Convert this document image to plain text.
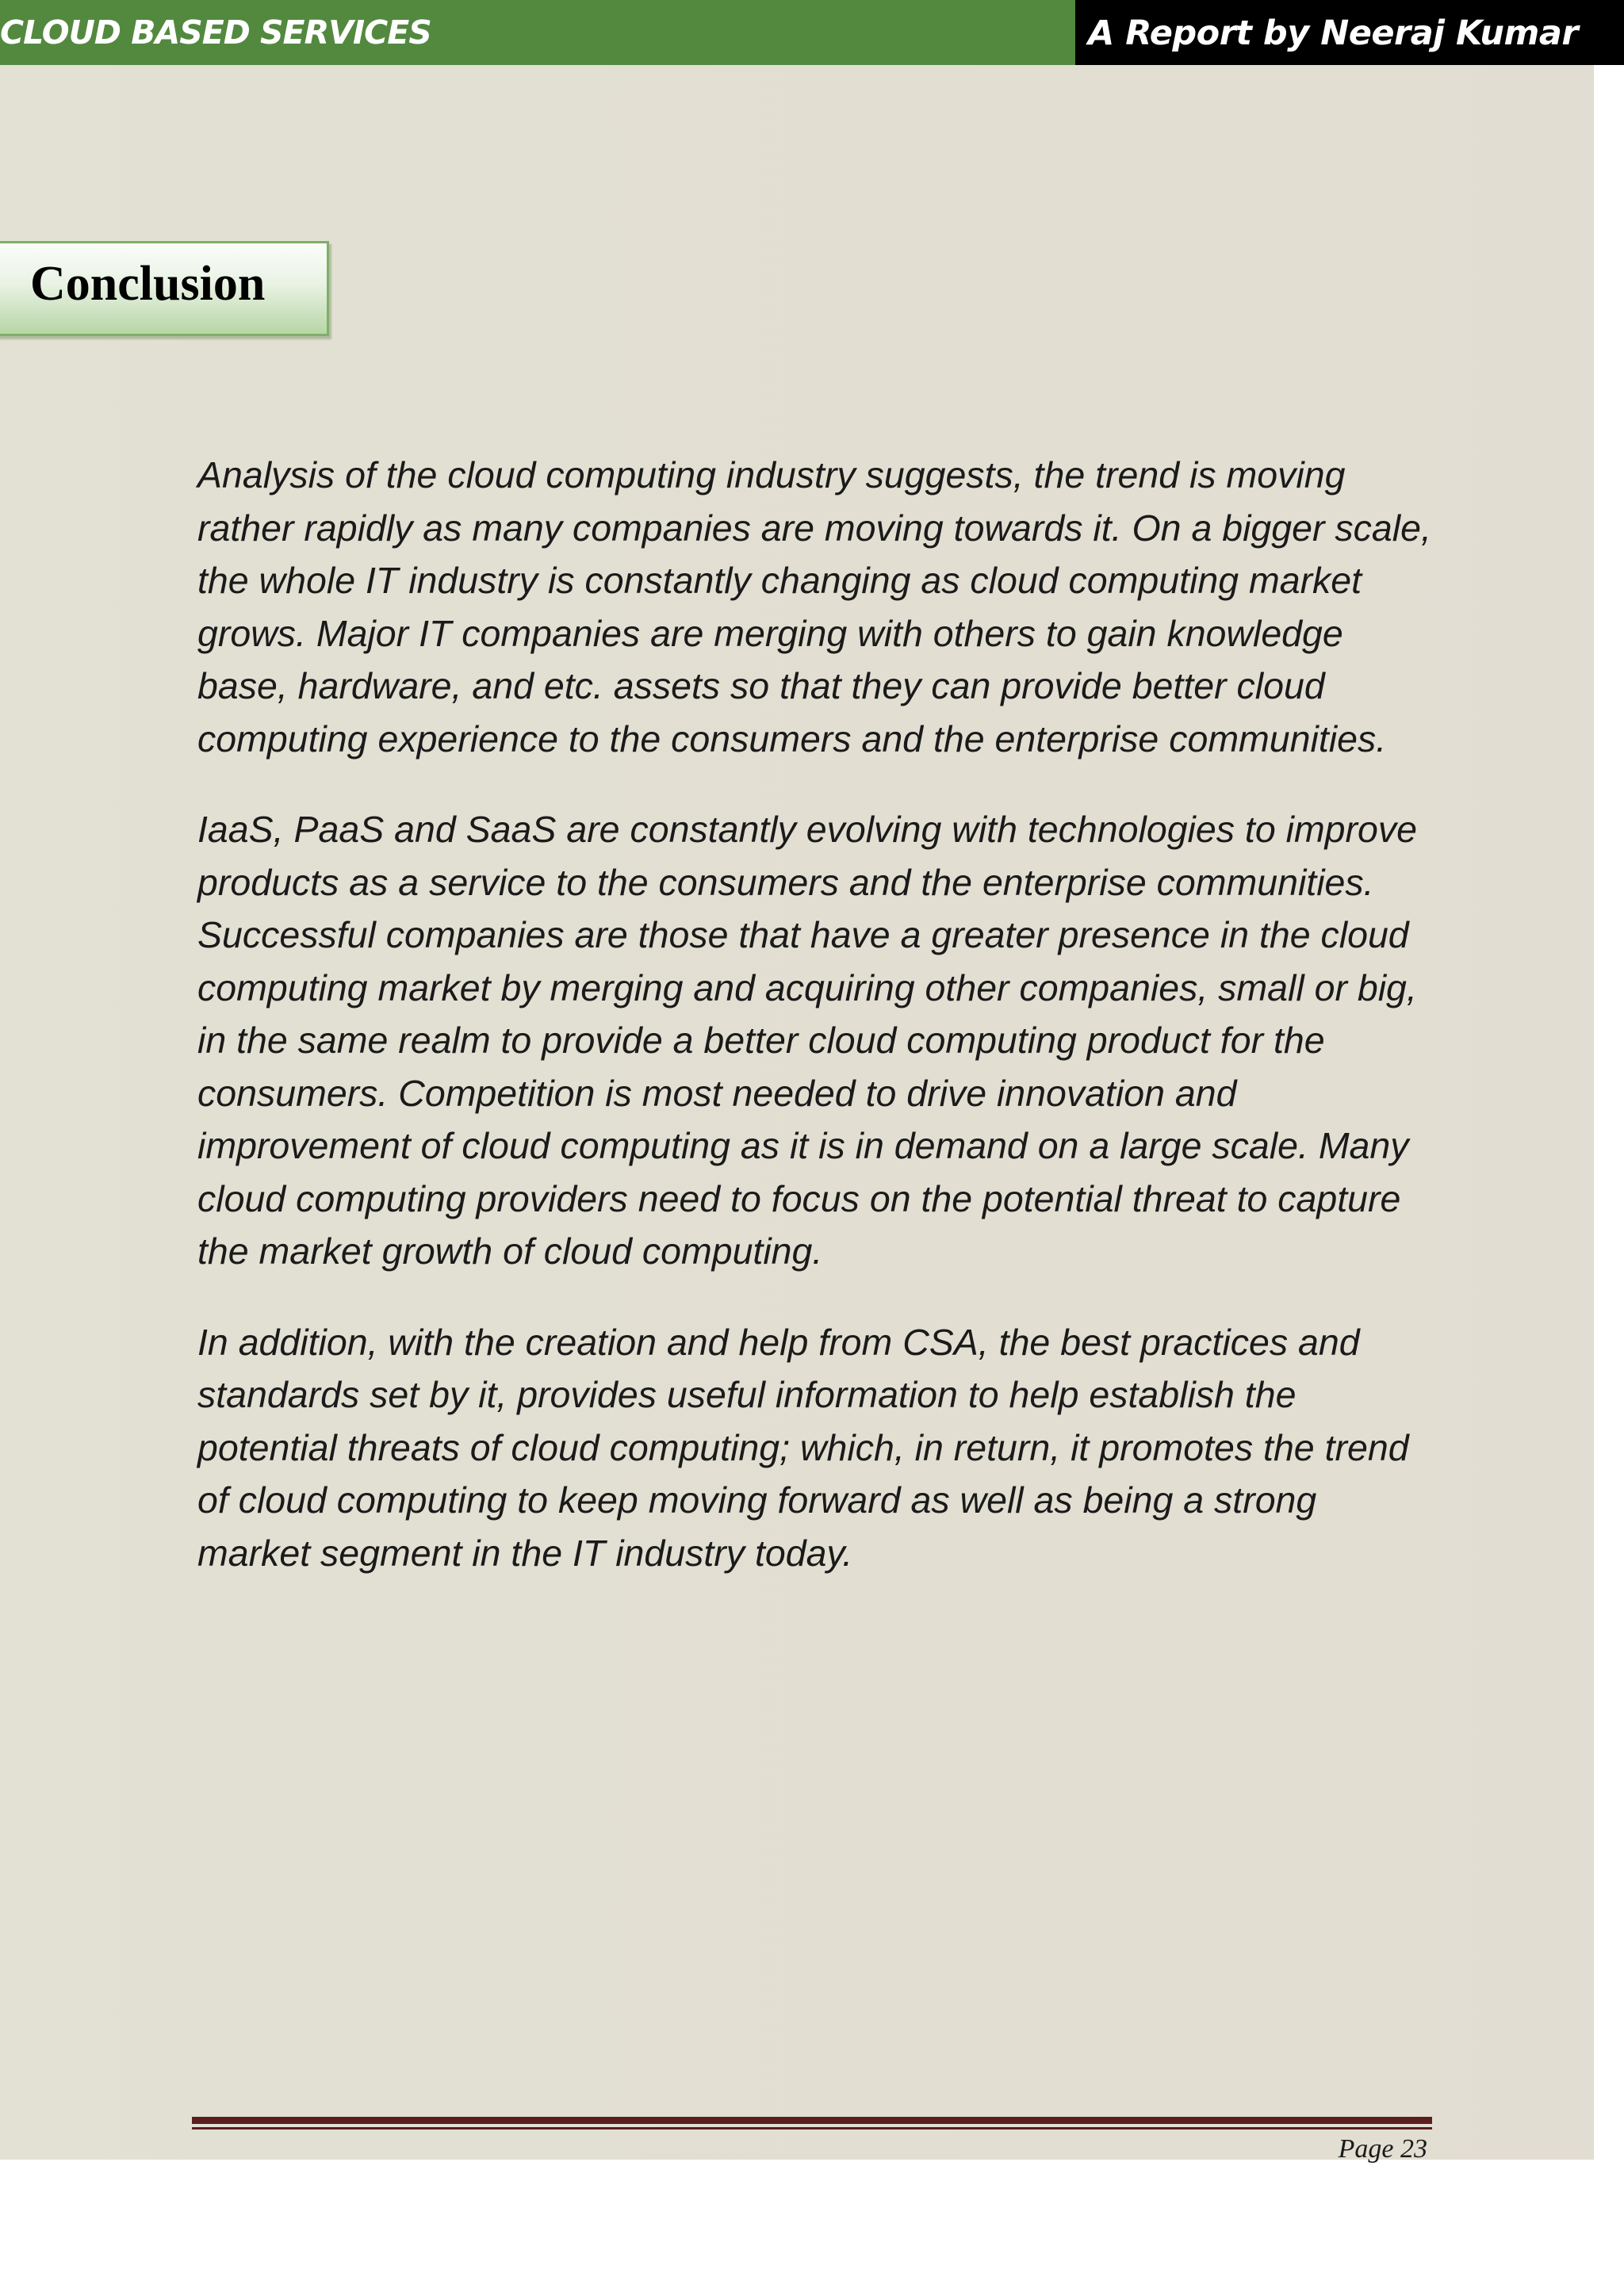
CLOUD BASED SERVICES	A Report by Neeraj Kumar
Conclusion

Analysis of the cloud computing industry suggests, the trend is moving rather rapidly as many companies are moving towards it. On a bigger scale, the whole IT industry is constantly changing as cloud computing market grows. Major IT companies are merging with others to gain knowledge base, hardware, and etc. assets so that they can provide better cloud computing experience to the consumers and the enterprise communities.

IaaS, PaaS and SaaS are constantly evolving with technologies to improve products as a service to the consumers and the enterprise communities. Successful companies are those that have a greater presence in the cloud computing market by merging and acquiring other companies, small or big, in the same realm to provide a better cloud computing product for the consumers. Competition is most needed to drive innovation and improvement of cloud computing as it is in demand on a large scale. Many cloud computing providers need to focus on the potential threat to capture the market growth of cloud computing.

In addition, with the creation and help from CSA, the best practices and standards set by it, provides useful information to help establish the potential threats of cloud computing; which, in return, it promotes the trend of cloud computing to keep moving forward as well as being a strong market segment in the IT industry today.

Page 23
